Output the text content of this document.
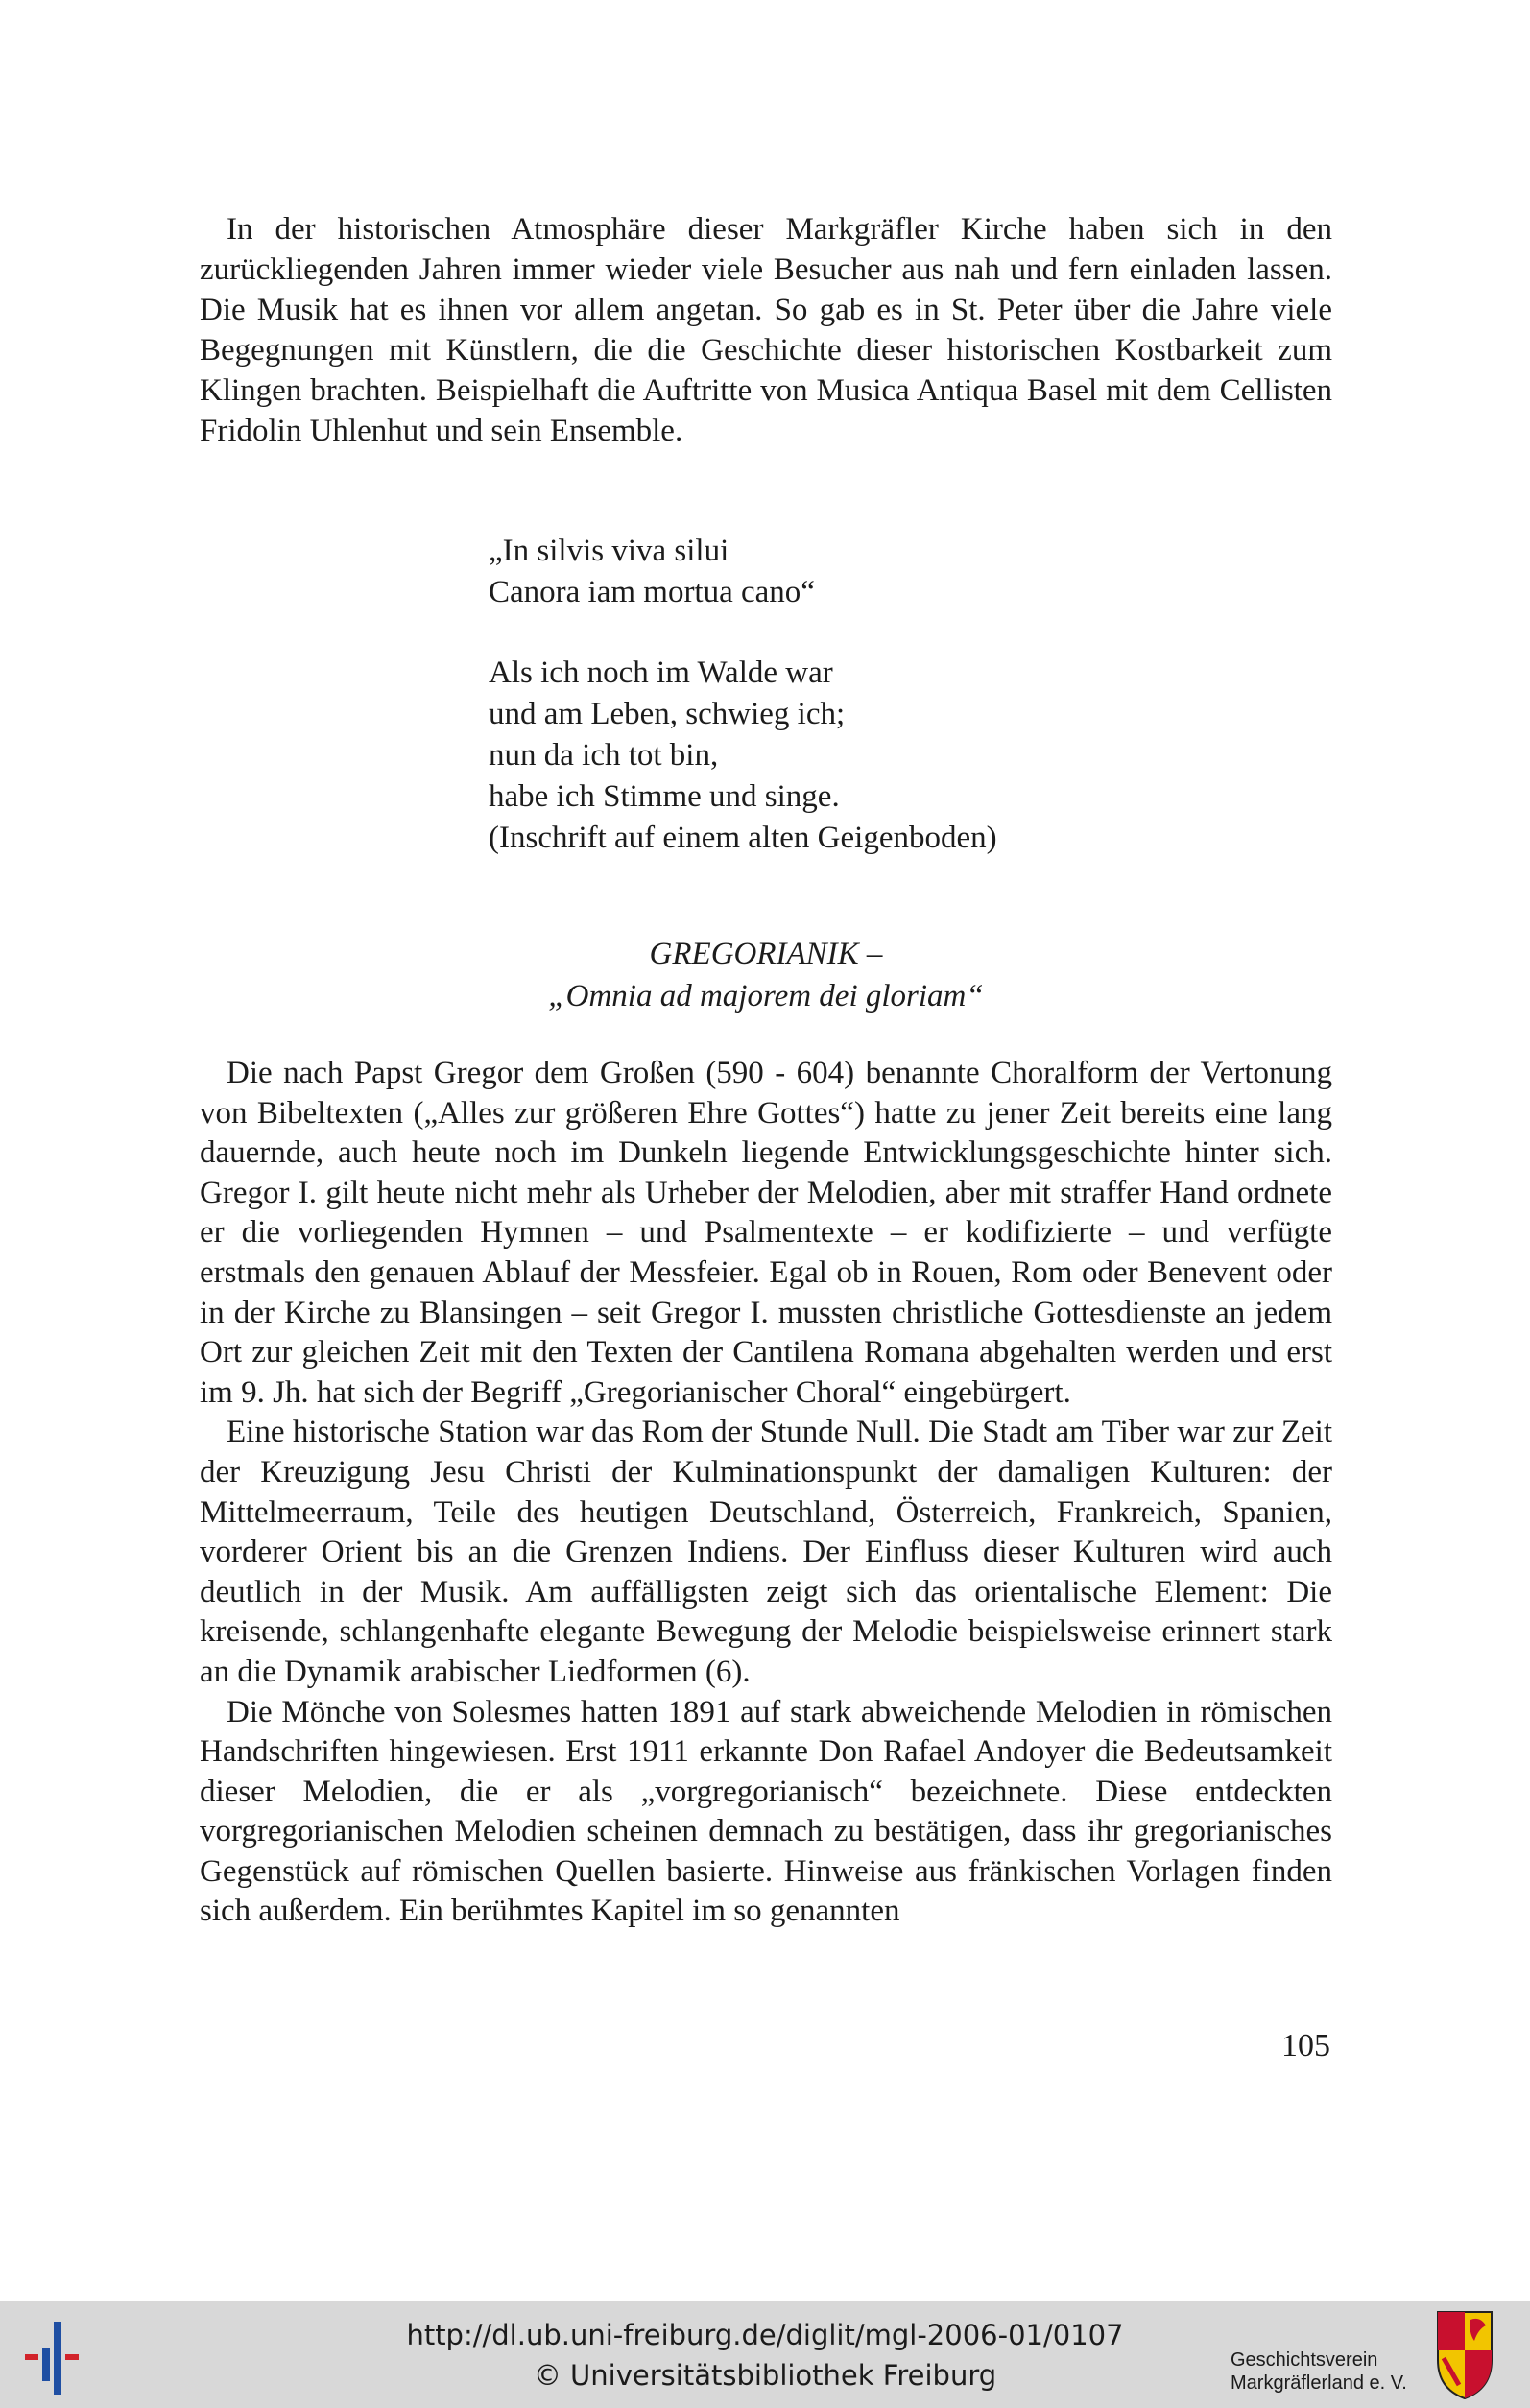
In der historischen Atmosphäre dieser Markgräfler Kirche haben sich in den zurückliegenden Jahren immer wieder viele Besucher aus nah und fern einladen lassen. Die Musik hat es ihnen vor allem angetan. So gab es in St. Peter über die Jahre viele Begegnungen mit Künstlern, die die Geschichte dieser historischen Kostbarkeit zum Klingen brachten. Beispielhaft die Auftritte von Musica Antiqua Basel mit dem Cellisten Fridolin Uhlenhut und sein Ensemble.

„In silvis viva silui
Canora iam mortua cano“
Als ich noch im Walde war
und am Leben, schwieg ich;
nun da ich tot bin,
habe ich Stimme und singe.
(Inschrift auf einem alten Geigenboden)
GREGORIANIK –
„Omnia ad majorem dei gloriam“

Die nach Papst Gregor dem Großen (590 - 604) benannte Choralform der Vertonung von Bibeltexten („Alles zur größeren Ehre Gottes“) hatte zu jener Zeit bereits eine lang dauernde, auch heute noch im Dunkeln liegende Entwicklungsgeschichte hinter sich. Gregor I. gilt heute nicht mehr als Urheber der Melodien, aber mit straffer Hand ordnete er die vorliegenden Hymnen – und Psalmentexte – er kodifizierte – und verfügte erstmals den genauen Ablauf der Messfeier. Egal ob in Rouen, Rom oder Benevent oder in der Kirche zu Blansingen – seit Gregor I. mussten christliche Gottesdienste an jedem Ort zur gleichen Zeit mit den Texten der Cantilena Romana abgehalten werden und erst im 9. Jh. hat sich der Begriff „Gregorianischer Choral“ eingebürgert.

Eine historische Station war das Rom der Stunde Null. Die Stadt am Tiber war zur Zeit der Kreuzigung Jesu Christi der Kulminationspunkt der damaligen Kulturen: der Mittelmeerraum, Teile des heutigen Deutschland, Österreich, Frankreich, Spanien, vorderer Orient bis an die Grenzen Indiens. Der Einfluss dieser Kulturen wird auch deutlich in der Musik. Am auffälligsten zeigt sich das orientalische Element: Die kreisende, schlangenhafte elegante Bewegung der Melodie beispielsweise erinnert stark an die Dynamik arabischer Liedformen (6).

Die Mönche von Solesmes hatten 1891 auf stark abweichende Melodien in römischen Handschriften hingewiesen. Erst 1911 erkannte Don Rafael Andoyer die Bedeutsamkeit dieser Melodien, die er als „vorgregorianisch“ bezeichnete. Diese entdeckten vorgregorianischen Melodien scheinen demnach zu bestätigen, dass ihr gregorianisches Gegenstück auf römischen Quellen basierte. Hinweise aus fränkischen Vorlagen finden sich außerdem. Ein berühmtes Kapitel im so genannten

105
http://dl.ub.uni-freiburg.de/diglit/mgl-2006-01/0107
© Universitätsbibliothek Freiburg	Geschichtsverein
Markgräflerland e. V.
